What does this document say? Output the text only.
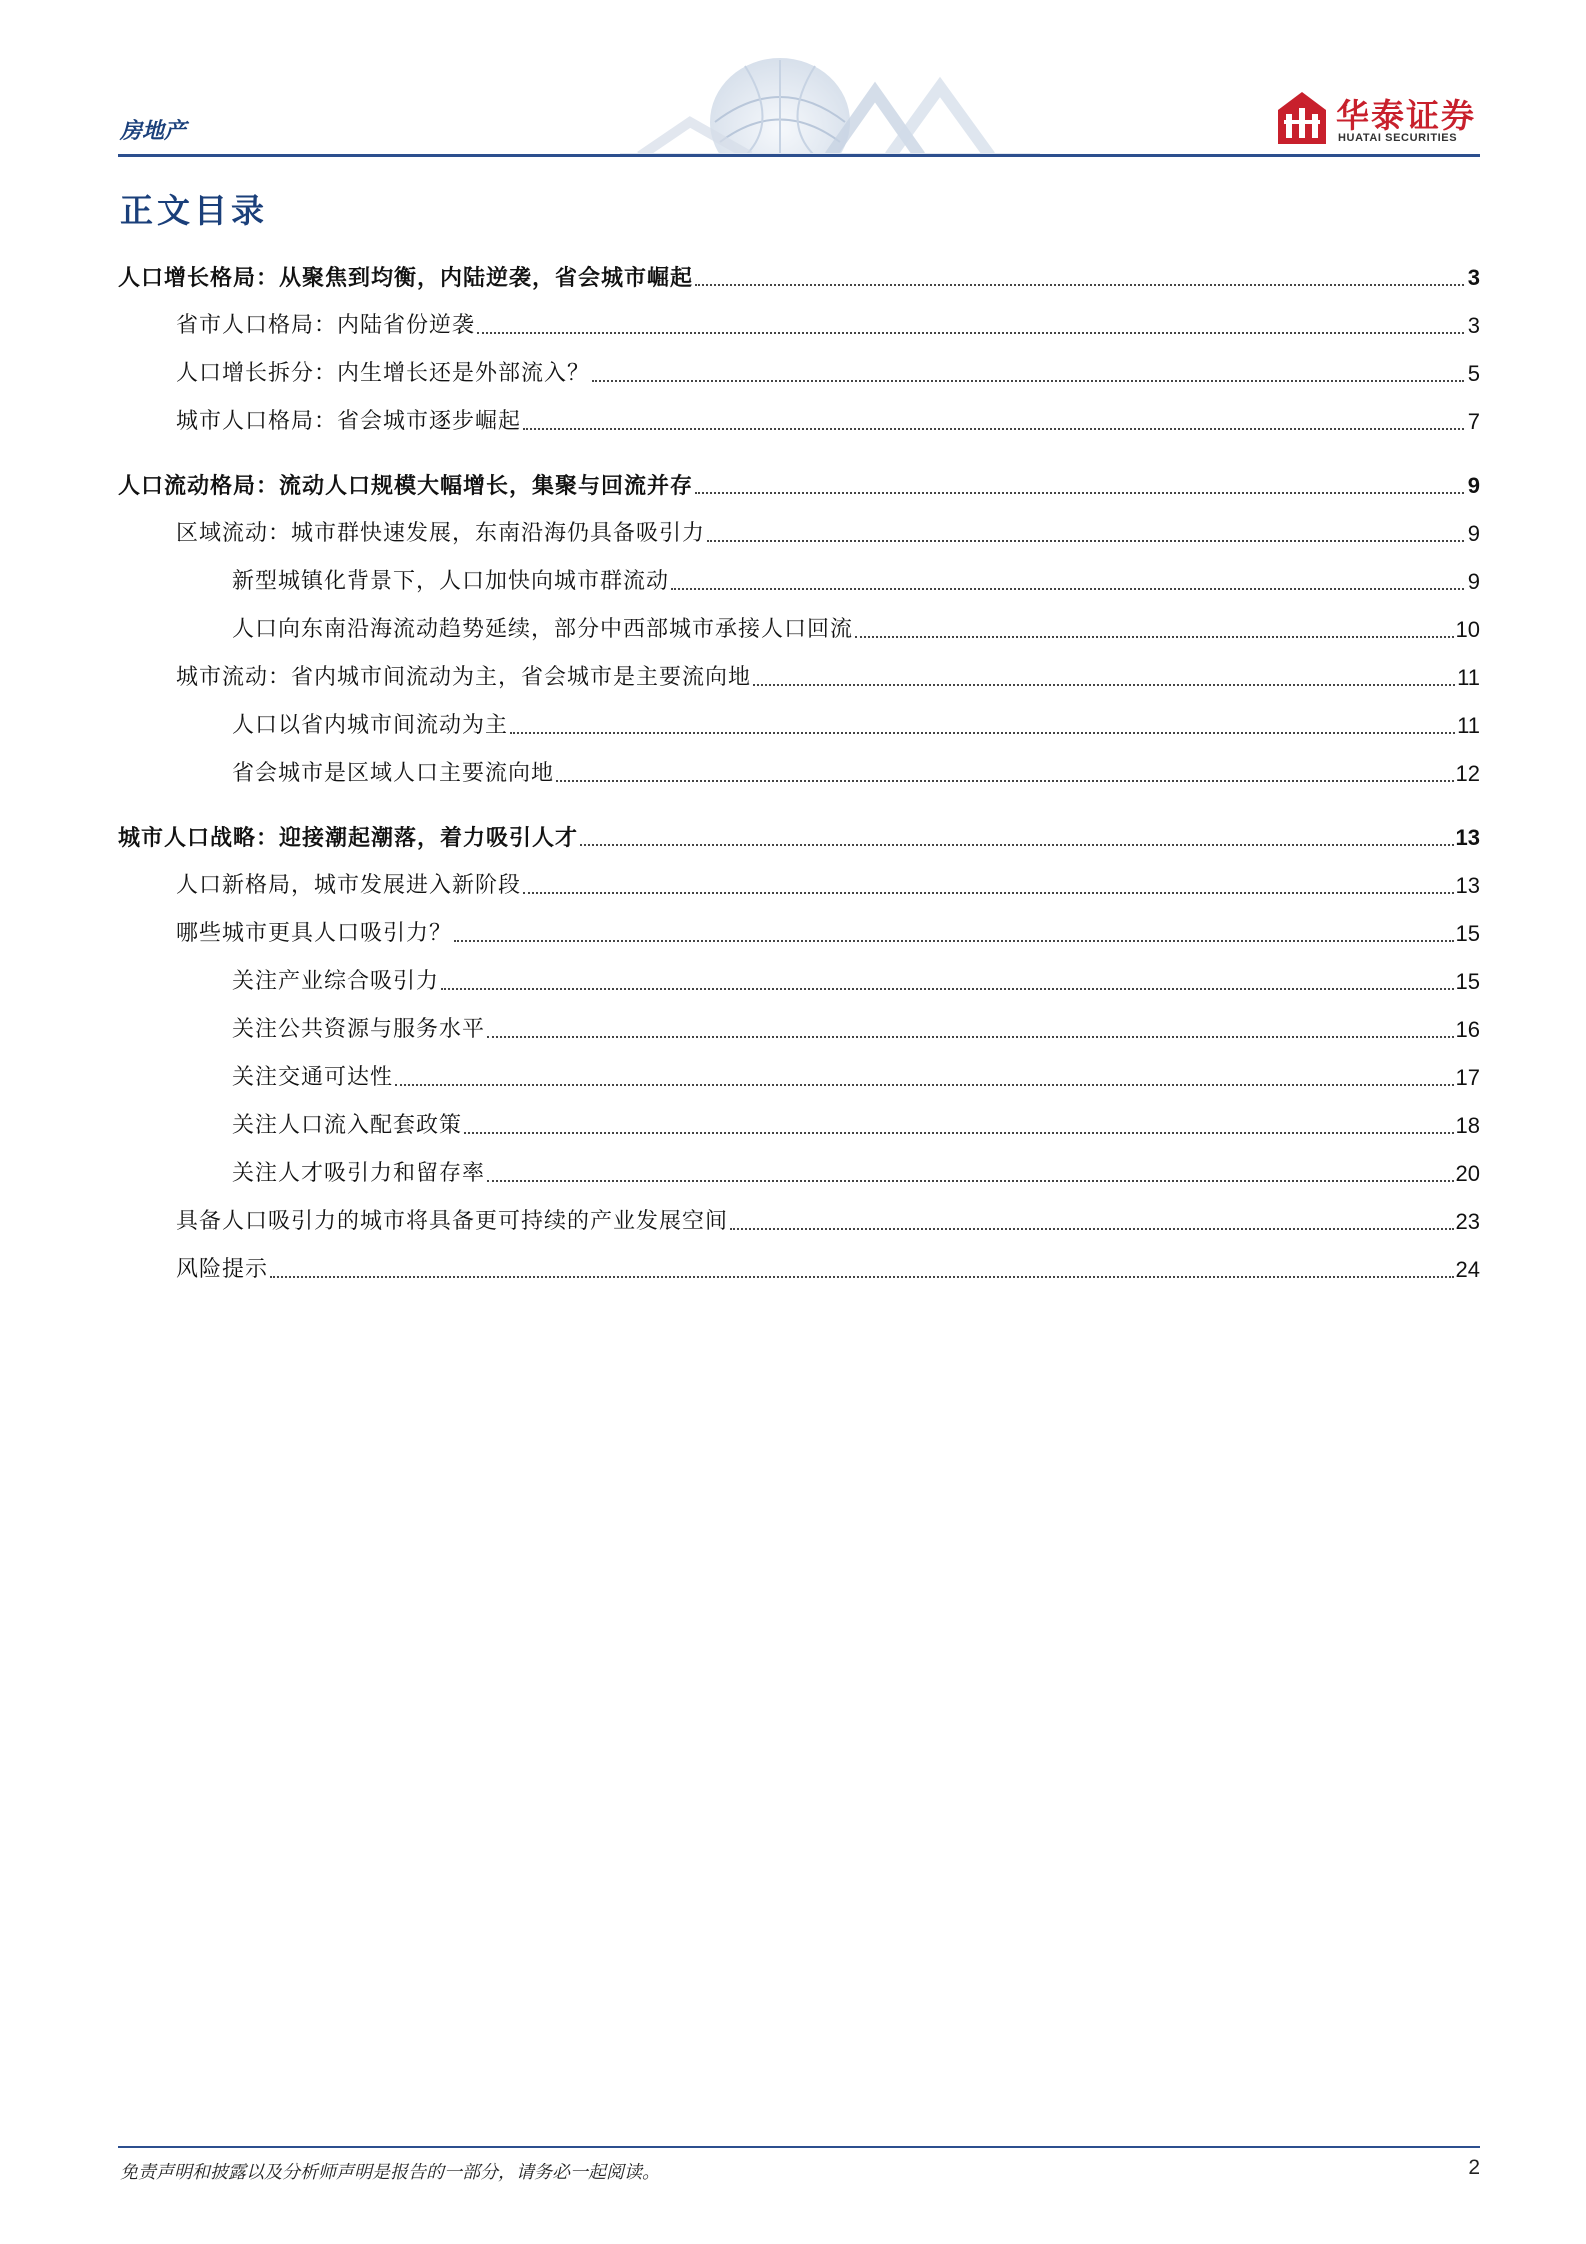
房地产	华泰证券
HUATAI SECURITIES
正文目录
人口增长格局：从聚焦到均衡，内陆逆袭，省会城市崛起	3
省市人口格局：内陆省份逆袭	3
人口增长拆分：内生增长还是外部流入？	5
城市人口格局：省会城市逐步崛起	7
人口流动格局：流动人口规模大幅增长，集聚与回流并存	9
区域流动：城市群快速发展，东南沿海仍具备吸引力	9
新型城镇化背景下，人口加快向城市群流动	9
人口向东南沿海流动趋势延续，部分中西部城市承接人口回流	10
城市流动：省内城市间流动为主，省会城市是主要流向地	11
人口以省内城市间流动为主	11
省会城市是区域人口主要流向地	12
城市人口战略：迎接潮起潮落，着力吸引人才	13
人口新格局，城市发展进入新阶段	13
哪些城市更具人口吸引力？	15
关注产业综合吸引力	15
关注公共资源与服务水平	16
关注交通可达性	17
关注人口流入配套政策	18
关注人才吸引力和留存率	20
具备人口吸引力的城市将具备更可持续的产业发展空间	23
风险提示	24
免责声明和披露以及分析师声明是报告的一部分，请务必一起阅读。	2
